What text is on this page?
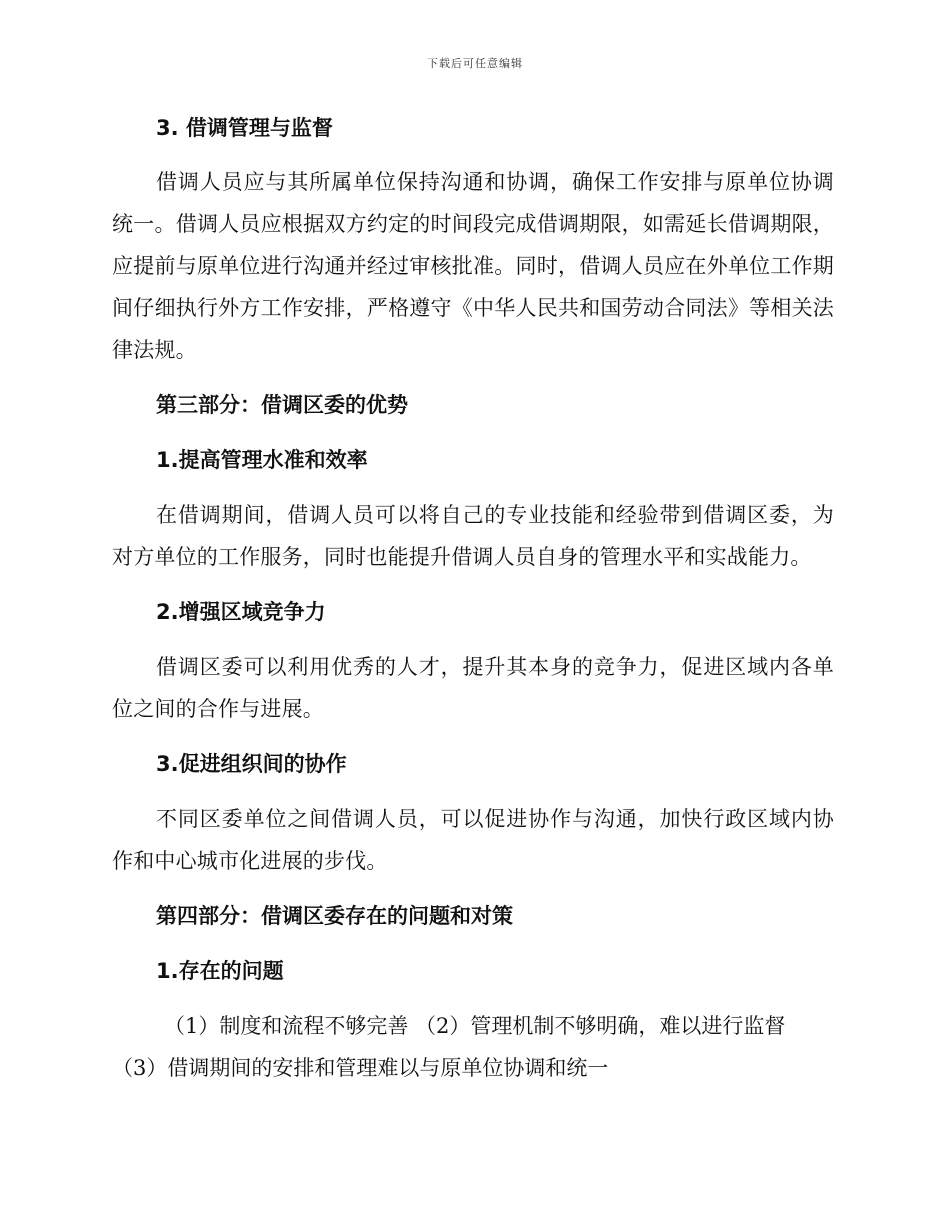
下载后可任意编辑

3. 借调管理与监督

借调人员应与其所属单位保持沟通和协调，确保工作安排与原单位协调统一。借调人员应根据双方约定的时间段完成借调期限，如需延长借调期限，应提前与原单位进行沟通并经过审核批准。同时，借调人员应在外单位工作期间仔细执行外方工作安排，严格遵守《中华人民共和国劳动合同法》等相关法律法规。

第三部分：借调区委的优势

1.提高管理水准和效率

在借调期间，借调人员可以将自己的专业技能和经验带到借调区委，为对方单位的工作服务，同时也能提升借调人员自身的管理水平和实战能力。

2.增强区域竞争力

借调区委可以利用优秀的人才，提升其本身的竞争力，促进区域内各单位之间的合作与进展。

3.促进组织间的协作

不同区委单位之间借调人员，可以促进协作与沟通，加快行政区域内协作和中心城市化进展的步伐。

第四部分：借调区委存在的问题和对策

1.存在的问题

（1）制度和流程不够完善 （2）管理机制不够明确，难以进行监督
（3）借调期间的安排和管理难以与原单位协调和统一
